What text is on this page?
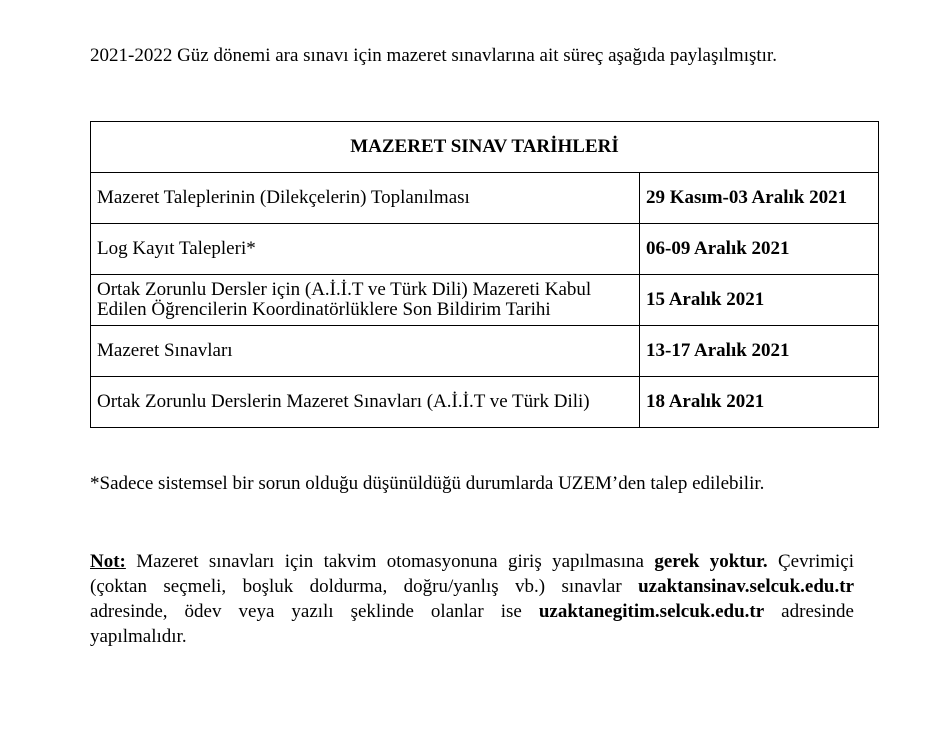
2021-2022 Güz dönemi ara sınavı için mazeret sınavlarına ait süreç aşağıda paylaşılmıştır.
MAZERET SINAV TARİHLERİ	
Mazeret Taleplerinin (Dilekçelerin) Toplanılması	29 Kasım-03 Aralık 2021
Log Kayıt Talepleri*	06-09 Aralık 2021
Ortak Zorunlu Dersler için (A.İ.İ.T ve Türk Dili) Mazereti Kabul Edilen Öğrencilerin Koordinatörlüklere Son Bildirim Tarihi	15 Aralık 2021
Mazeret Sınavları	13-17 Aralık 2021
Ortak Zorunlu Derslerin Mazeret Sınavları (A.İ.İ.T ve Türk Dili)	18 Aralık 2021
*Sadece sistemsel bir sorun olduğu düşünüldüğü durumlarda UZEM’den talep edilebilir.
Not: Mazeret sınavları için takvim otomasyonuna giriş yapılmasına gerek yoktur. Çevrimiçi (çoktan seçmeli, boşluk doldurma, doğru/yanlış vb.) sınavlar uzaktansinav.selcuk.edu.tr adresinde, ödev veya yazılı şeklinde olanlar ise uzaktanegitim.selcuk.edu.tr adresinde yapılmalıdır.
